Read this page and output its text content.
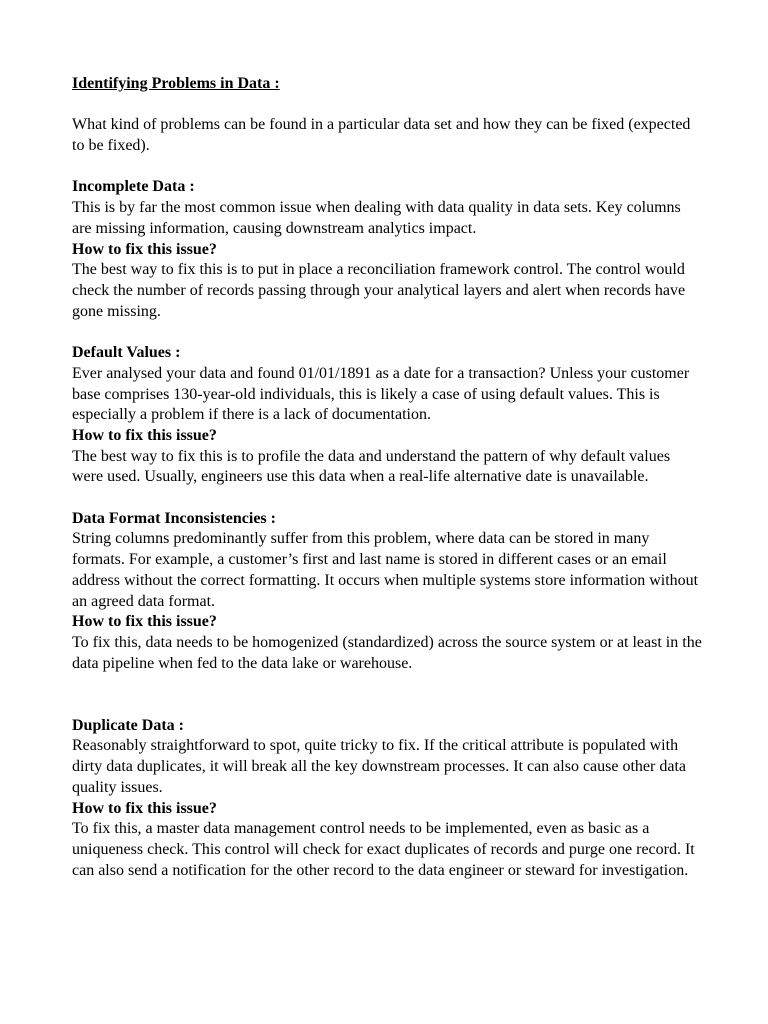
Identifying Problems in Data :

What kind of problems can be found in a particular data set and how they can be fixed (expected to be fixed).

Incomplete Data :

This is by far the most common issue when dealing with data quality in data sets. Key columns are missing information, causing downstream analytics impact.

How to fix this issue?

The best way to fix this is to put in place a reconciliation framework control. The control would check the number of records passing through your analytical layers and alert when records have gone missing.

Default Values :

Ever analysed your data and found 01/01/1891 as a date for a transaction? Unless your customer base comprises 130-year-old individuals, this is likely a case of using default values. This is especially a problem if there is a lack of documentation.

How to fix this issue?

The best way to fix this is to profile the data and understand the pattern of why default values were used. Usually, engineers use this data when a real-life alternative date is unavailable.

Data Format Inconsistencies :

String columns predominantly suffer from this problem, where data can be stored in many formats. For example, a customer’s first and last name is stored in different cases or an email address without the correct formatting. It occurs when multiple systems store information without an agreed data format.

How to fix this issue?

To fix this, data needs to be homogenized (standardized) across the source system or at least in the data pipeline when fed to the data lake or warehouse.

Duplicate Data :

Reasonably straightforward to spot, quite tricky to fix. If the critical attribute is populated with dirty data duplicates, it will break all the key downstream processes. It can also cause other data quality issues.

How to fix this issue?

To fix this, a master data management control needs to be implemented, even as basic as a uniqueness check. This control will check for exact duplicates of records and purge one record. It can also send a notification for the other record to the data engineer or steward for investigation.
